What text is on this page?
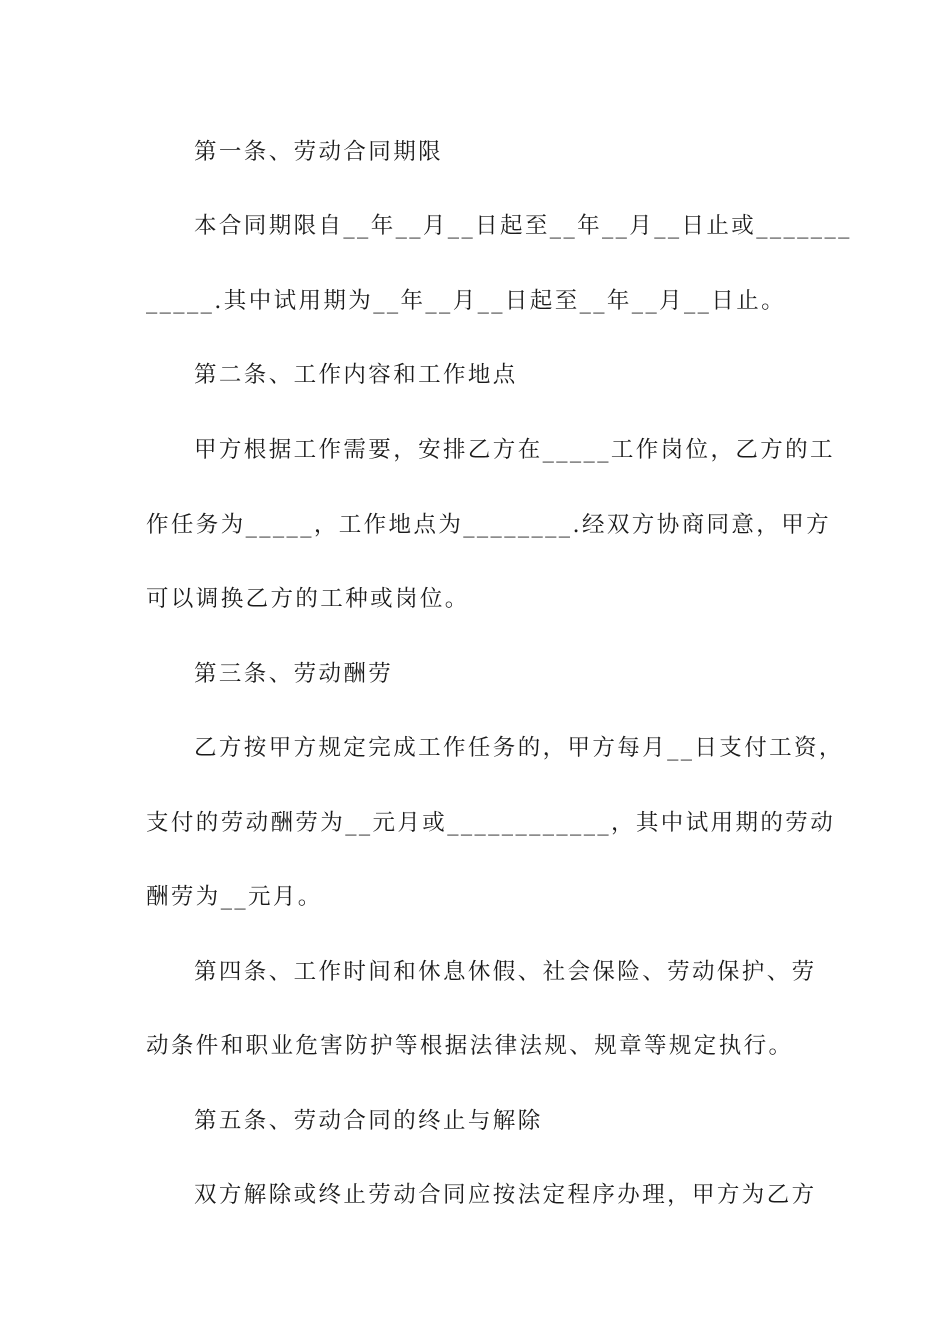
第一条、劳动合同期限
本合同期限自__年__月__日起至__年__月__日止或_______
_____.其中试用期为__年__月__日起至__年__月__日止。
第二条、工作内容和工作地点
甲方根据工作需要，安排乙方在_____工作岗位，乙方的工
作任务为_____，工作地点为________.经双方协商同意，甲方
可以调换乙方的工种或岗位。
第三条、劳动酬劳
乙方按甲方规定完成工作任务的，甲方每月__日支付工资，
支付的劳动酬劳为__元月或____________，其中试用期的劳动
酬劳为__元月。
第四条、工作时间和休息休假、社会保险、劳动保护、劳
动条件和职业危害防护等根据法律法规、规章等规定执行。
第五条、劳动合同的终止与解除
双方解除或终止劳动合同应按法定程序办理，甲方为乙方
